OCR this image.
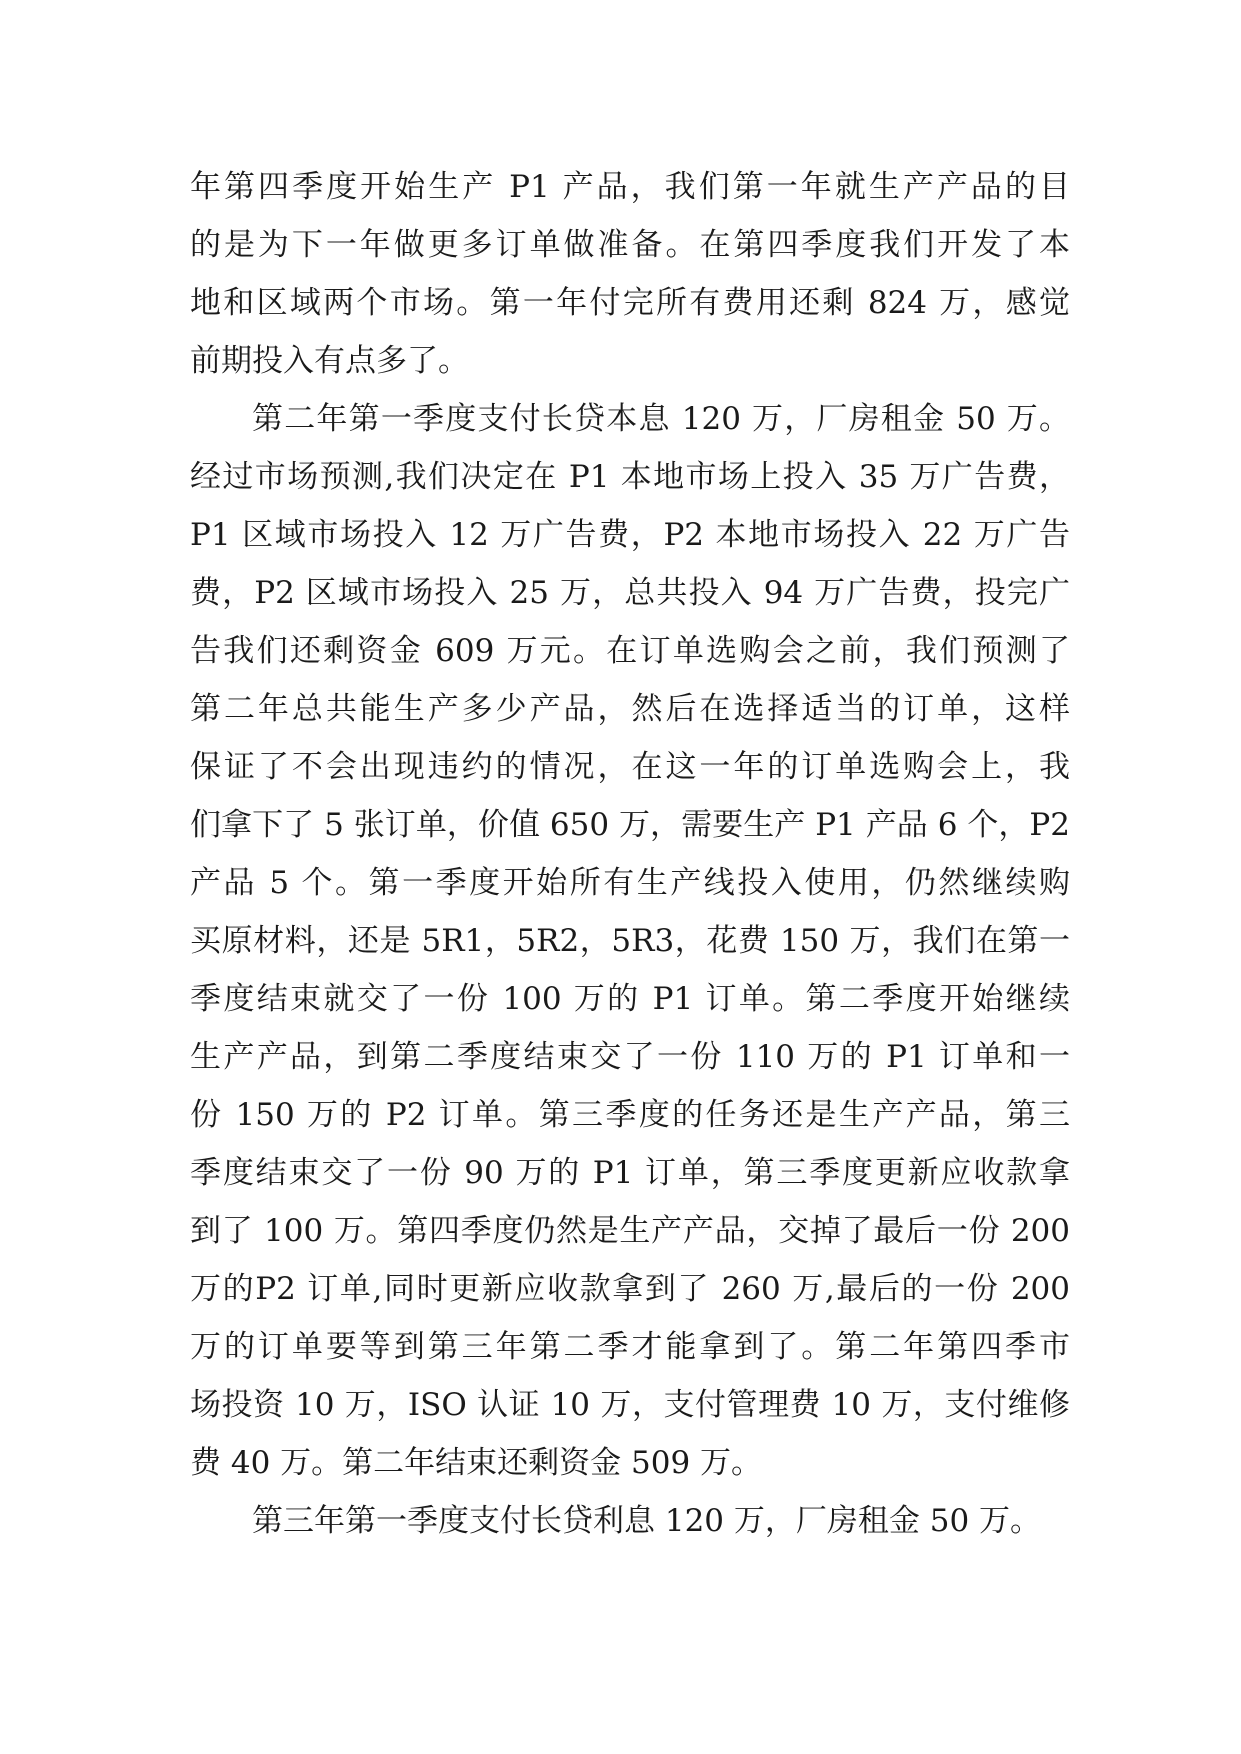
年第四季度开始生产 P1 产品，我们第一年就生产产品的目
的是为下一年做更多订单做准备。在第四季度我们开发了本
地和区域两个市场。第一年付完所有费用还剩 824 万，感觉
前期投入有点多了。

第二年第一季度支付长贷本息 120 万，厂房租金 50 万。
经过市场预测,我们决定在 P1 本地市场上投入 35 万广告费，
P1 区域市场投入 12 万广告费，P2 本地市场投入 22 万广告
费，P2 区域市场投入 25 万，总共投入 94 万广告费，投完广
告我们还剩资金 609 万元。在订单选购会之前，我们预测了
第二年总共能生产多少产品，然后在选择适当的订单，这样
保证了不会出现违约的情况，在这一年的订单选购会上，我
们拿下了 5 张订单，价值 650 万，需要生产 P1 产品 6 个，P2
产品 5 个。第一季度开始所有生产线投入使用，仍然继续购
买原材料，还是 5R1，5R2，5R3，花费 150 万，我们在第一
季度结束就交了一份 100 万的 P1 订单。第二季度开始继续
生产产品，到第二季度结束交了一份 110 万的 P1 订单和一
份 150 万的 P2 订单。第三季度的任务还是生产产品，第三
季度结束交了一份 90 万的 P1 订单，第三季度更新应收款拿
到了 100 万。第四季度仍然是生产产品，交掉了最后一份 200
万的P2 订单,同时更新应收款拿到了 260 万,最后的一份 200
万的订单要等到第三年第二季才能拿到了。第二年第四季市
场投资 10 万，ISO 认证 10 万，支付管理费 10 万，支付维修
费 40 万。第二年结束还剩资金 509 万。

第三年第一季度支付长贷利息 120 万，厂房租金 50 万。
